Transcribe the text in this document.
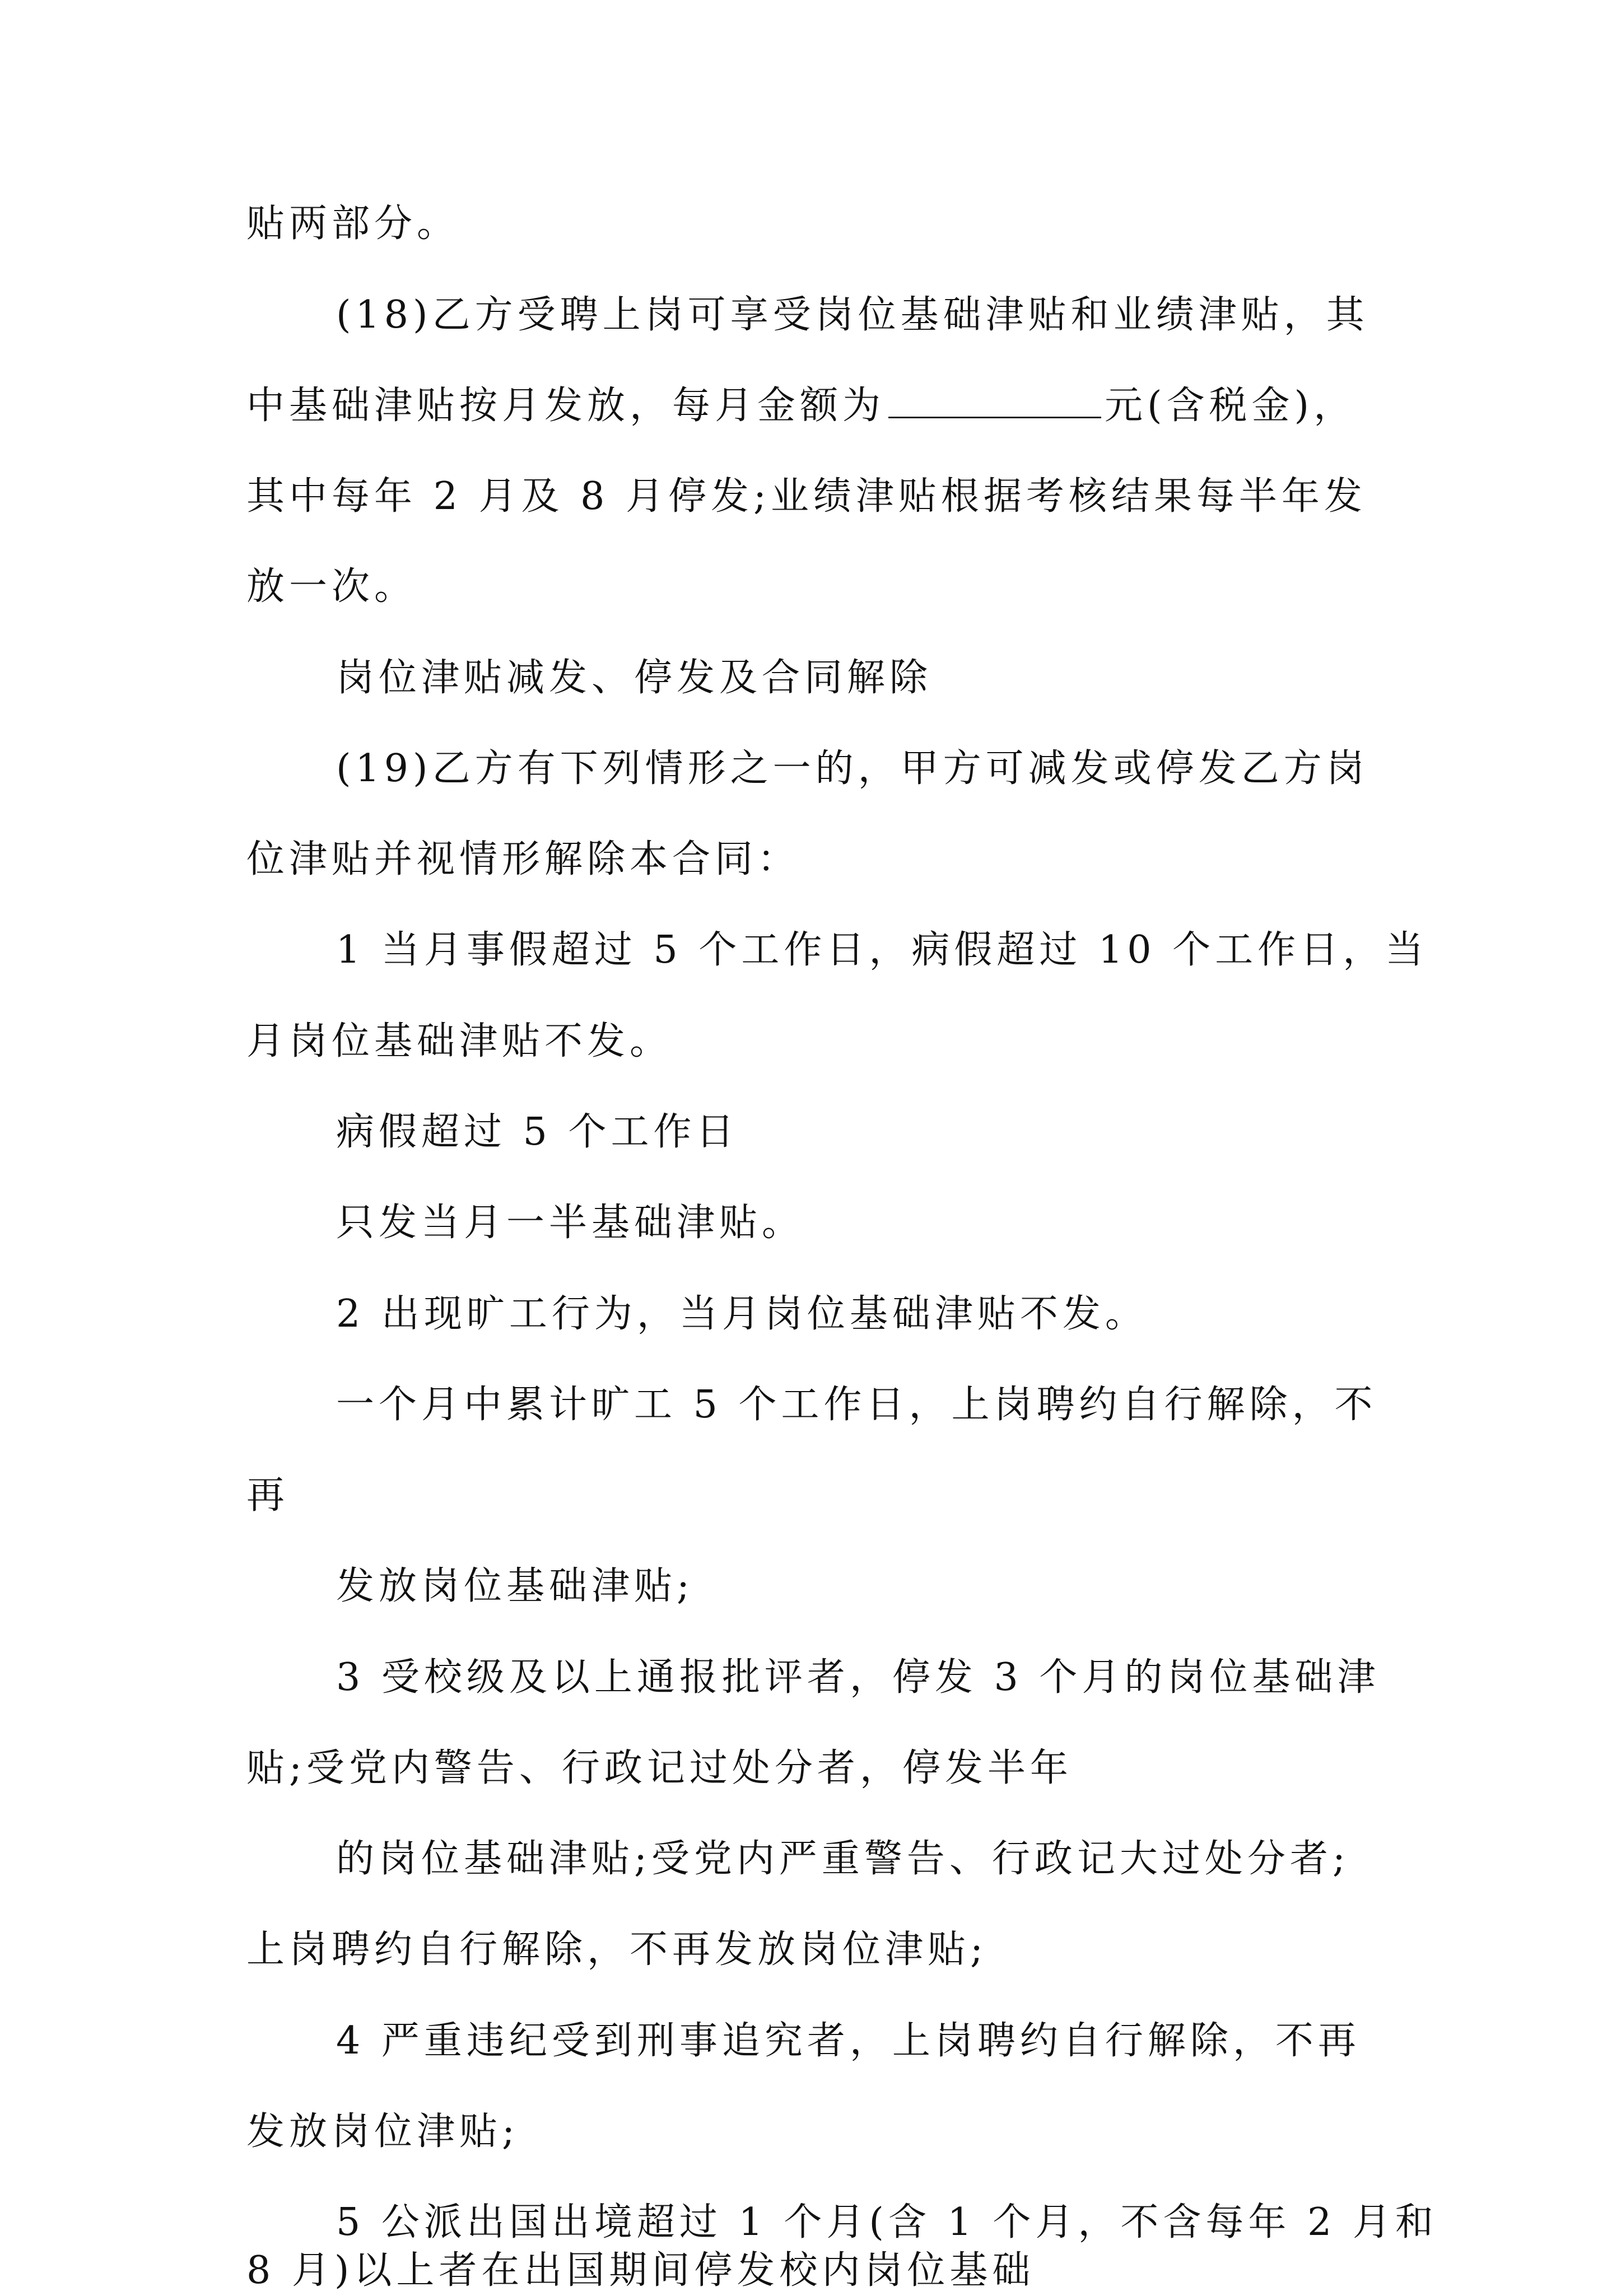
贴两部分。
(18)乙方受聘上岗可享受岗位基础津贴和业绩津贴，其
中基础津贴按月发放，每月金额为	元(含税金)，
其中每年 2 月及 8 月停发;业绩津贴根据考核结果每半年发
放一次。
岗位津贴减发、停发及合同解除
(19)乙方有下列情形之一的，甲方可减发或停发乙方岗
位津贴并视情形解除本合同：
1 当月事假超过 5 个工作日，病假超过 10 个工作日，当
月岗位基础津贴不发。
病假超过 5 个工作日
只发当月一半基础津贴。
2 出现旷工行为，当月岗位基础津贴不发。
一个月中累计旷工 5 个工作日，上岗聘约自行解除，不
再
发放岗位基础津贴;
3 受校级及以上通报批评者，停发 3 个月的岗位基础津
贴;受党内警告、行政记过处分者，停发半年
的岗位基础津贴;受党内严重警告、行政记大过处分者;
上岗聘约自行解除，不再发放岗位津贴;
4 严重违纪受到刑事追究者，上岗聘约自行解除，不再
发放岗位津贴;
5 公派出国出境超过 1 个月(含 1 个月，不含每年 2 月和
8 月)以上者在出国期间停发校内岗位基础
